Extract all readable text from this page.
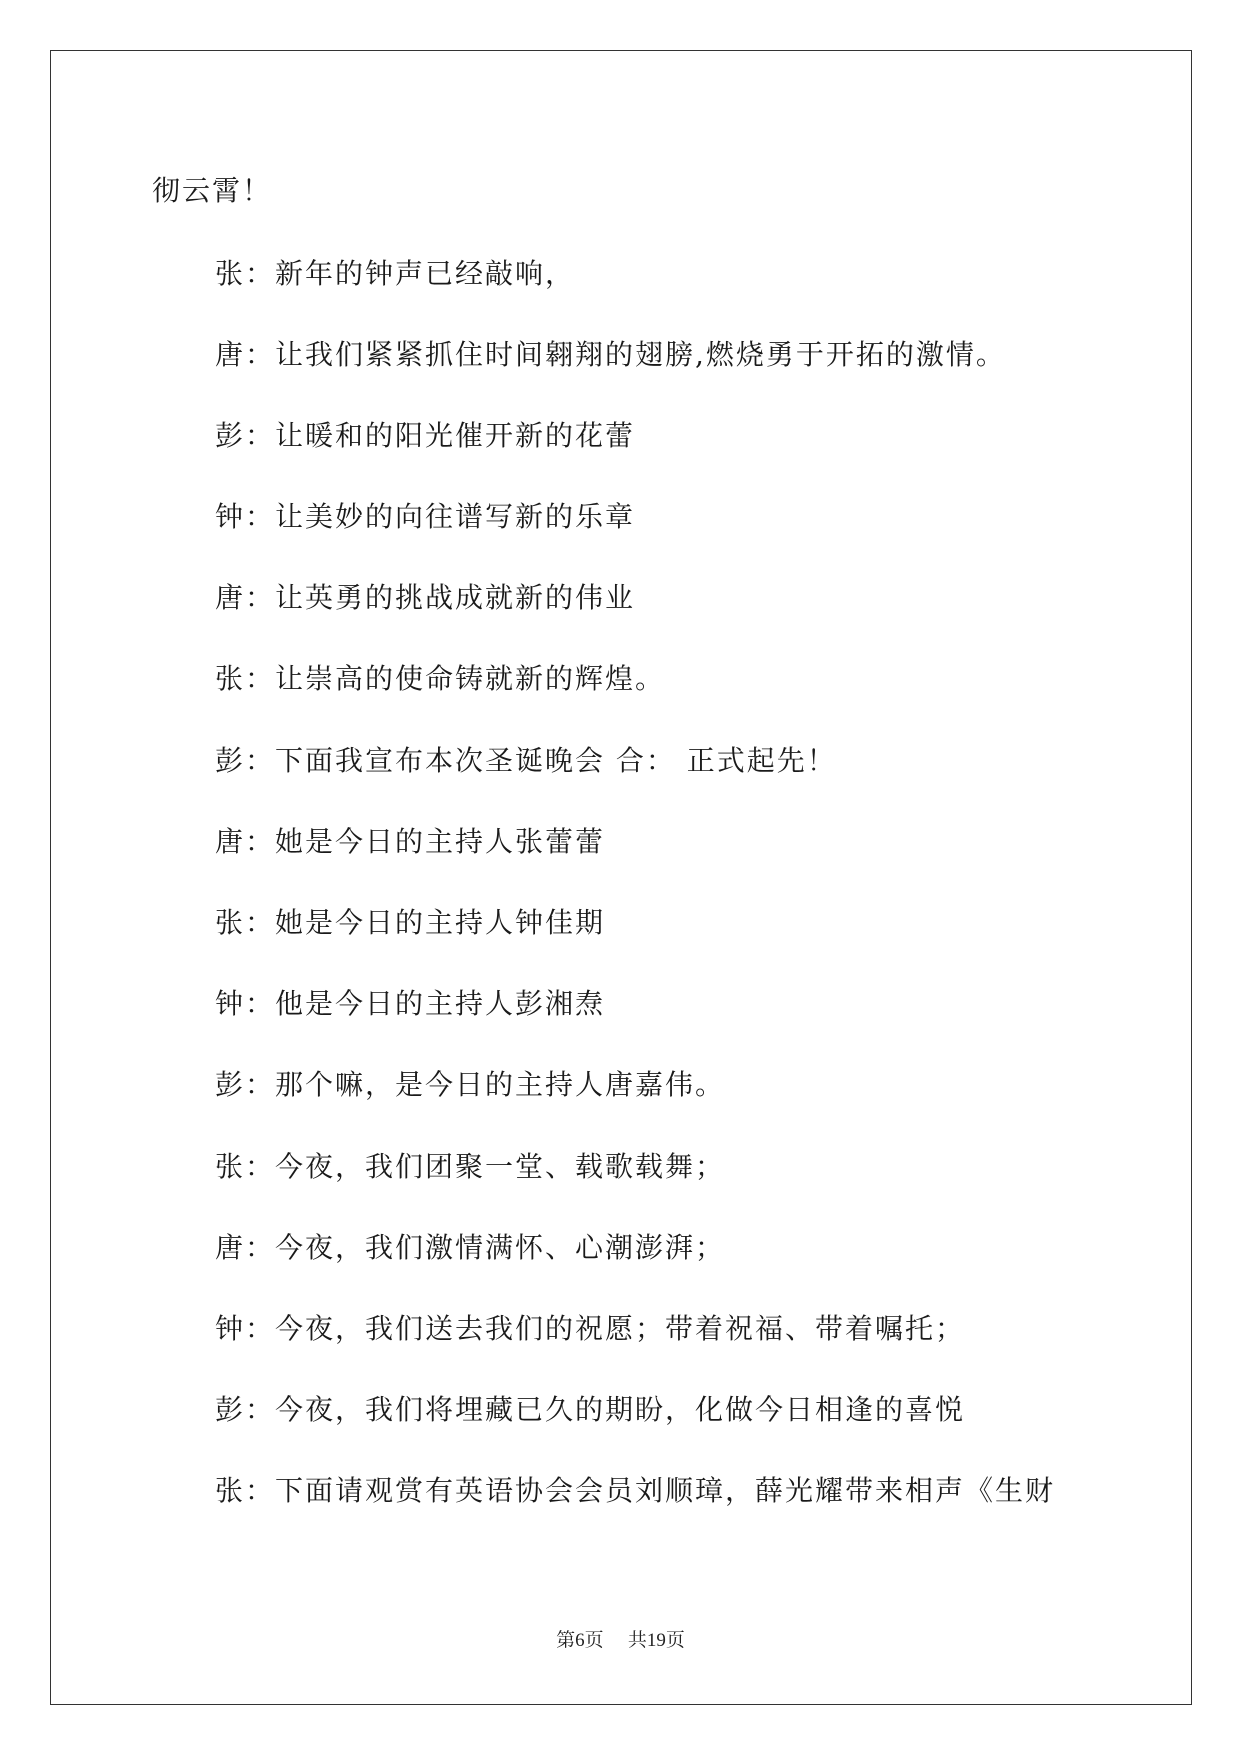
彻云霄！
张：新年的钟声已经敲响，
唐：让我们紧紧抓住时间翱翔的翅膀,燃烧勇于开拓的激情。
彭：让暖和的阳光催开新的花蕾
钟：让美妙的向往谱写新的乐章
唐：让英勇的挑战成就新的伟业
张：让崇高的使命铸就新的辉煌。
彭：下面我宣布本次圣诞晚会 合： 正式起先！
唐：她是今日的主持人张蕾蕾
张：她是今日的主持人钟佳期
钟：他是今日的主持人彭湘焘
彭：那个嘛，是今日的主持人唐嘉伟。
张：今夜，我们团聚一堂、载歌载舞；
唐：今夜，我们激情满怀、心潮澎湃；
钟：今夜，我们送去我们的祝愿；带着祝福、带着嘱托；
彭：今夜，我们将埋藏已久的期盼，化做今日相逢的喜悦
张：下面请观赏有英语协会会员刘顺璋，薛光耀带来相声《生财
第6页 共19页
